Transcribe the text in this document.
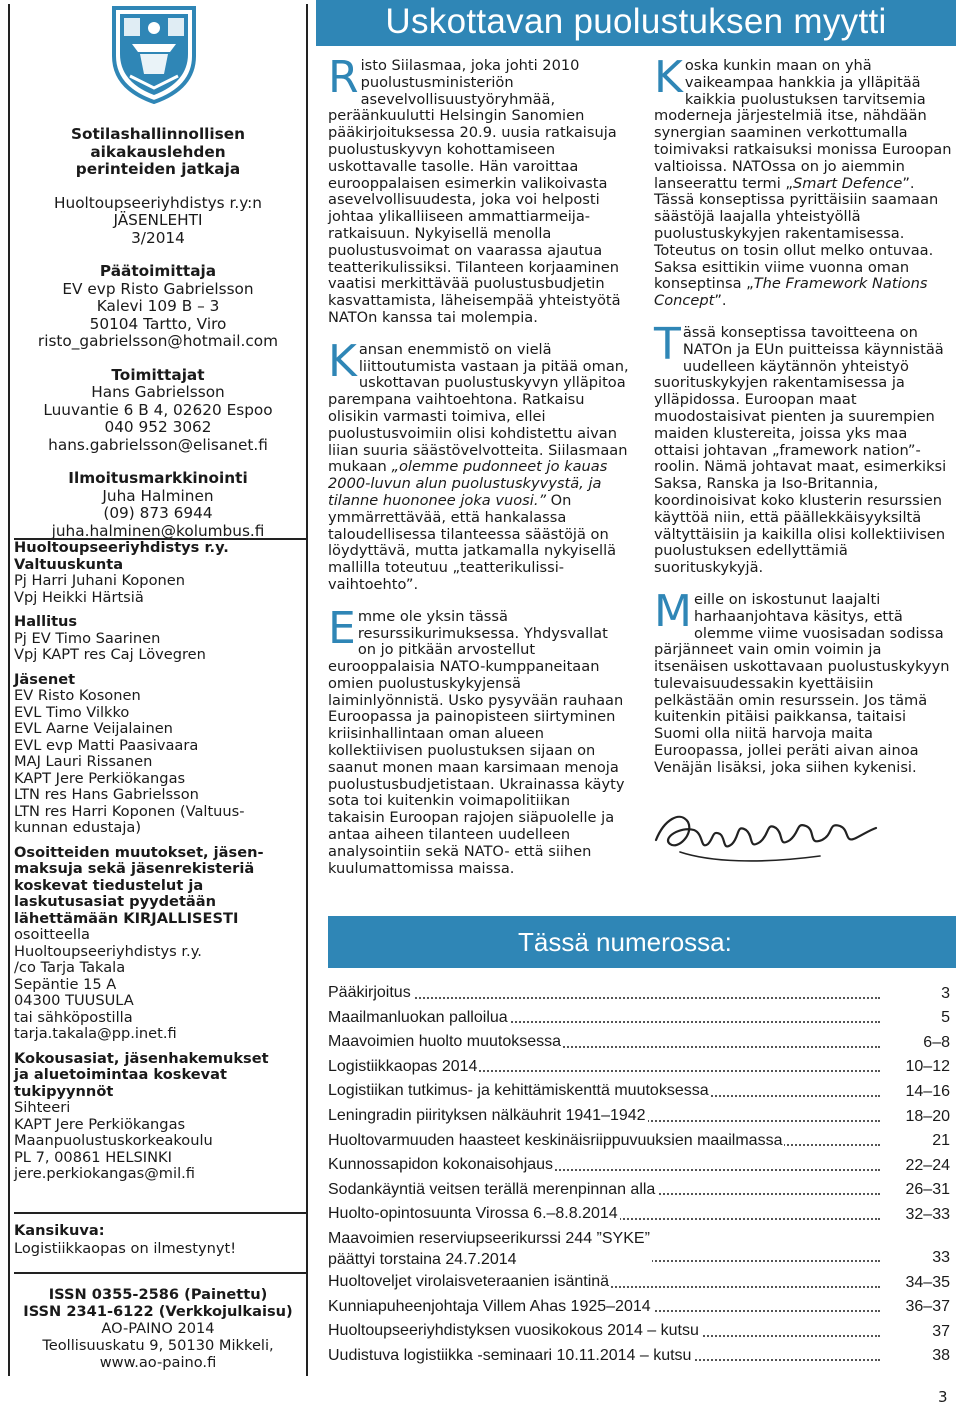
Sotilashallinnollisen
aikakauslehden
perinteiden jatkaja
Huoltoupseeriyhdistys r.y:n
JÄSENLEHTI
3/2014
Päätoimittaja
EV evp Risto Gabrielsson
Kalevi 109 B – 3
50104 Tartto, Viro
risto_gabrielsson@hotmail.com
Toimittajat
Hans Gabrielsson
Luuvantie 6 B 4, 02620 Espoo
040 952 3062
hans.gabrielsson@elisanet.fi
Ilmoitusmarkkinointi
Juha Halminen
(09) 873 6944
juha.halminen@kolumbus.fi
Huoltoupseeriyhdistys r.y.
Valtuuskunta
Pj Harri Juhani Koponen
Vpj Heikki Härtsiä
Hallitus
Pj EV Timo Saarinen
Vpj KAPT res Caj Lövegren
Jäsenet
EV Risto Kosonen
EVL Timo Vilkko
EVL Aarne Veijalainen
EVL evp Matti Paasivaara
MAJ Lauri Rissanen
KAPT Jere Perkiökangas
LTN res Hans Gabrielsson
LTN res Harri Koponen (Valtuus-
kunnan edustaja)
Osoitteiden muutokset, jäsen-
maksuja sekä jäsenrekisteriä
koskevat tiedustelut ja
laskutusasiat pyydetään
lähettämään KIRJALLISESTI
osoitteella
Huoltoupseeriyhdistys r.y.
/co Tarja Takala
Sepäntie 15 A
04300 TUUSULA
tai sähköpostilla
tarja.takala@pp.inet.fi
Kokousasiat, jäsenhakemukset
ja aluetoimintaa koskevat
tukipyynnöt
Sihteeri
KAPT Jere Perkiökangas
Maanpuolustuskorkeakoulu
PL 7, 00861 HELSINKI
jere.perkiokangas@mil.fi
Kansikuva:
Logistiikkaopas on ilmestynyt!
ISSN 0355-2586 (Painettu)
ISSN 2341-6122 (Verkkojulkaisu)
AO-PAINO 2014
Teollisuuskatu 9, 50130 Mikkeli,
www.ao-paino.fi
Uskottavan puolustuksen myytti
Risto Siilasmaa, joka johti 2010 puolustusministeriön asevelvollisuustyöryhmää, peräänkuulutti Helsingin Sanomien pääkirjoituksessa 20.9. uusia ratkaisuja puolustuskyvyn kohottamiseen uskottavalle tasolle. Hän varoittaa eurooppalaisen esimerkin valikoivasta asevelvollisuudesta, joka voi helposti johtaa ylikalliiseen ammattiarmeija-ratkaisuun. Nykyisellä menolla puolustusvoimat on vaarassa ajautua teatterikulissiksi. Tilanteen korjaaminen vaatisi merkittävää puolustusbudjetin kasvattamista, läheisempää yhteistyötä NATOn kanssa tai molempia.
Kansan enemmistö on vielä liittoutumista vastaan ja pitää oman, uskottavan puolustuskyvyn ylläpitoa parempana vaihtoehtona. Ratkaisu olisikin varmasti toimiva, ellei puolustusvoimiin olisi kohdistettu aivan liian suuria säästövelvotteita. Siilasmaan mukaan „olemme pudonneet jo kauas 2000-luvun alun puolustuskyvystä, ja tilanne huononee joka vuosi.” On ymmärrettävää, että hankalassa taloudellisessa tilanteessa säästöjä on löydyttävä, mutta jatkamalla nykyisellä mallilla toteutuu „teatterikulissi-vaihtoehto”.
Emme ole yksin tässä resurssikurimuksessa. Yhdysvallat on jo pitkään arvostellut eurooppalaisia NATO-kumppaneitaan omien puolustuskykyjensä laiminlyönnistä. Usko pysyvään rauhaan Euroopassa ja painopisteen siirtyminen kriisinhallintaan oman alueen kollektiivisen puolustuksen sijaan on saanut monen maan karsimaan menoja puolustusbudjetistaan. Ukrainassa käyty sota toi kuitenkin voimapolitiikan takaisin Euroopan rajojen siäpuolelle ja antaa aiheen tilanteen uudelleen analysointiin sekä NATO- että siihen kuulumattomissa maissa.
Koska kunkin maan on yhä vaikeampaa hankkia ja ylläpitää kaikkia puolustuksen tarvitsemia moderneja järjestelmiä itse, nähdään synergian saaminen verkottumalla toimivaksi ratkaisuksi monissa Euroopan valtioissa. NATOssa on jo aiemmin lanseerattu termi „Smart Defence”. Tässä konseptissa pyrittäisiin saamaan säästöjä laajalla yhteistyöllä puolustuskykyjen rakentamisessa. Toteutus on tosin ollut melko ontuvaa. Saksa esittikin viime vuonna oman konseptinsa „The Framework Nations Concept”.
Tässä konseptissa tavoitteena on NATOn ja EUn puitteissa käynnistää uudelleen käytännön yhteistyö suorituskykyjen rakentamisessa ja ylläpidossa. Euroopan maat muodostaisivat pienten ja suurempien maiden klustereita, joissa yks maa ottaisi johtavan „framework nation”-roolin. Nämä johtavat maat, esimerkiksi Saksa, Ranska ja Iso-Britannia, koordinoisivat koko klusterin resurssien käyttöä niin, että päällekkäisyyksiltä vältyttäisiin ja kaikilla olisi kollektiivisen puolustuksen edellyttämiä suorituskykyjä.
Meille on iskostunut laajalti harhaanjohtava käsitys, että olemme viime vuosisadan sodissa pärjänneet vain omin voimin ja itsenäisen uskottavaan puolustuskykyyn tulevaisuudessakin kyettäisiin pelkästään omin resurssein. Jos tämä kuitenkin pitäisi paikkansa, taitaisi Suomi olla niitä harvoja maita Euroopassa, jollei peräti aivan ainoa Venäjän lisäksi, joka siihen kykenisi.
Tässä numerossa:
Pääkirjoitus	3
Maailmanluokan palloilua	5
Maavoimien huolto muutoksessa	6–8
Logistiikkaopas 2014	10–12
Logistiikan tutkimus- ja kehittämiskenttä muutoksessa	14–16
Leningradin piirityksen nälkäuhrit 1941–1942	18–20
Huoltovarmuuden haasteet keskinäisriippuvuuksien maailmassa	21
Kunnossapidon kokonaisohjaus	22–24
Sodankäyntiä veitsen terällä merenpinnan alla	26–31
Huolto-opintosuunta Virossa 6.–8.8.2014	32–33
Maavoimien reserviupseerikurssi 244 ”SYKE”
päättyi torstaina 24.7.2014	33
Huoltoveljet virolaisveteraanien isäntinä	34–35
Kunniapuheenjohtaja Villem Ahas 1925–2014	36–37
Huoltoupseeriyhdistyksen vuosikokous 2014 – kutsu	37
Uudistuva logistiikka -seminaari 10.11.2014 – kutsu	38
3
